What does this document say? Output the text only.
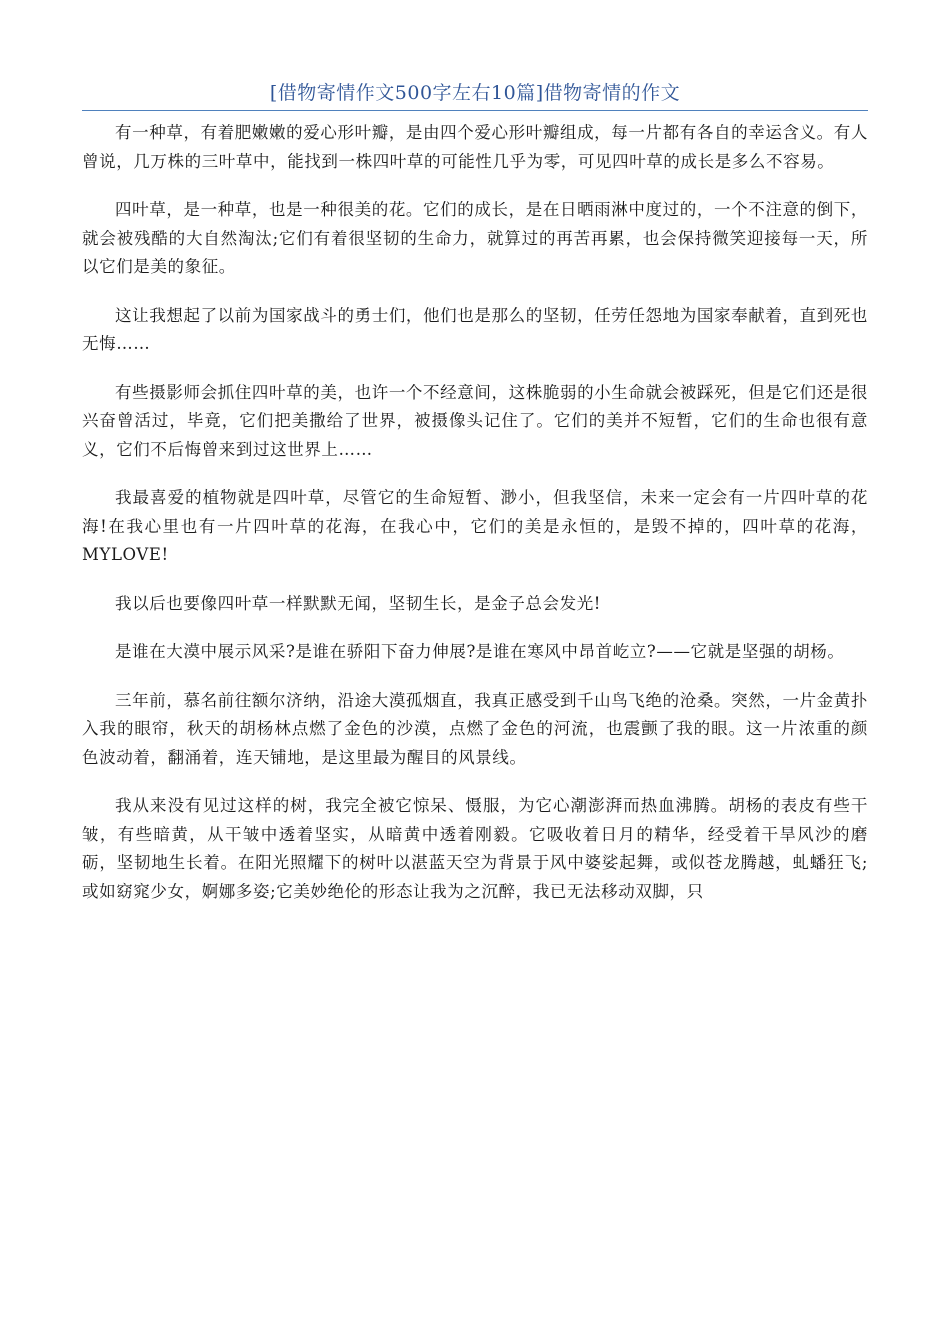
[借物寄情作文500字左右10篇]借物寄情的作文

有一种草，有着肥嫩嫩的爱心形叶瓣，是由四个爱心形叶瓣组成，每一片都有各自的幸运含义。有人曾说，几万株的三叶草中，能找到一株四叶草的可能性几乎为零，可见四叶草的成长是多么不容易。

四叶草，是一种草，也是一种很美的花。它们的成长，是在日晒雨淋中度过的，一个不注意的倒下，就会被残酷的大自然淘汰;它们有着很坚韧的生命力，就算过的再苦再累，也会保持微笑迎接每一天，所以它们是美的象征。

这让我想起了以前为国家战斗的勇士们，他们也是那么的坚韧，任劳任怨地为国家奉献着，直到死也无悔……

有些摄影师会抓住四叶草的美，也许一个不经意间，这株脆弱的小生命就会被踩死，但是它们还是很兴奋曾活过，毕竟，它们把美撒给了世界，被摄像头记住了。它们的美并不短暂，它们的生命也很有意义，它们不后悔曾来到过这世界上……

我最喜爱的植物就是四叶草，尽管它的生命短暂、渺小，但我坚信，未来一定会有一片四叶草的花海!在我心里也有一片四叶草的花海，在我心中，它们的美是永恒的，是毁不掉的，四叶草的花海，MYLOVE!

我以后也要像四叶草一样默默无闻，坚韧生长，是金子总会发光!

是谁在大漠中展示风采?是谁在骄阳下奋力伸展?是谁在寒风中昂首屹立?——它就是坚强的胡杨。

三年前，慕名前往额尔济纳，沿途大漠孤烟直，我真正感受到千山鸟飞绝的沧桑。突然，一片金黄扑入我的眼帘，秋天的胡杨林点燃了金色的沙漠，点燃了金色的河流，也震颤了我的眼。这一片浓重的颜色波动着，翻涌着，连天铺地，是这里最为醒目的风景线。

我从来没有见过这样的树，我完全被它惊呆、慑服，为它心潮澎湃而热血沸腾。胡杨的表皮有些干皱，有些暗黄，从干皱中透着坚实，从暗黄中透着刚毅。它吸收着日月的精华，经受着干旱风沙的磨砺，坚韧地生长着。在阳光照耀下的树叶以湛蓝天空为背景于风中婆娑起舞，或似苍龙腾越，虬蟠狂飞;或如窈窕少女，婀娜多姿;它美妙绝伦的形态让我为之沉醉，我已无法移动双脚，只
